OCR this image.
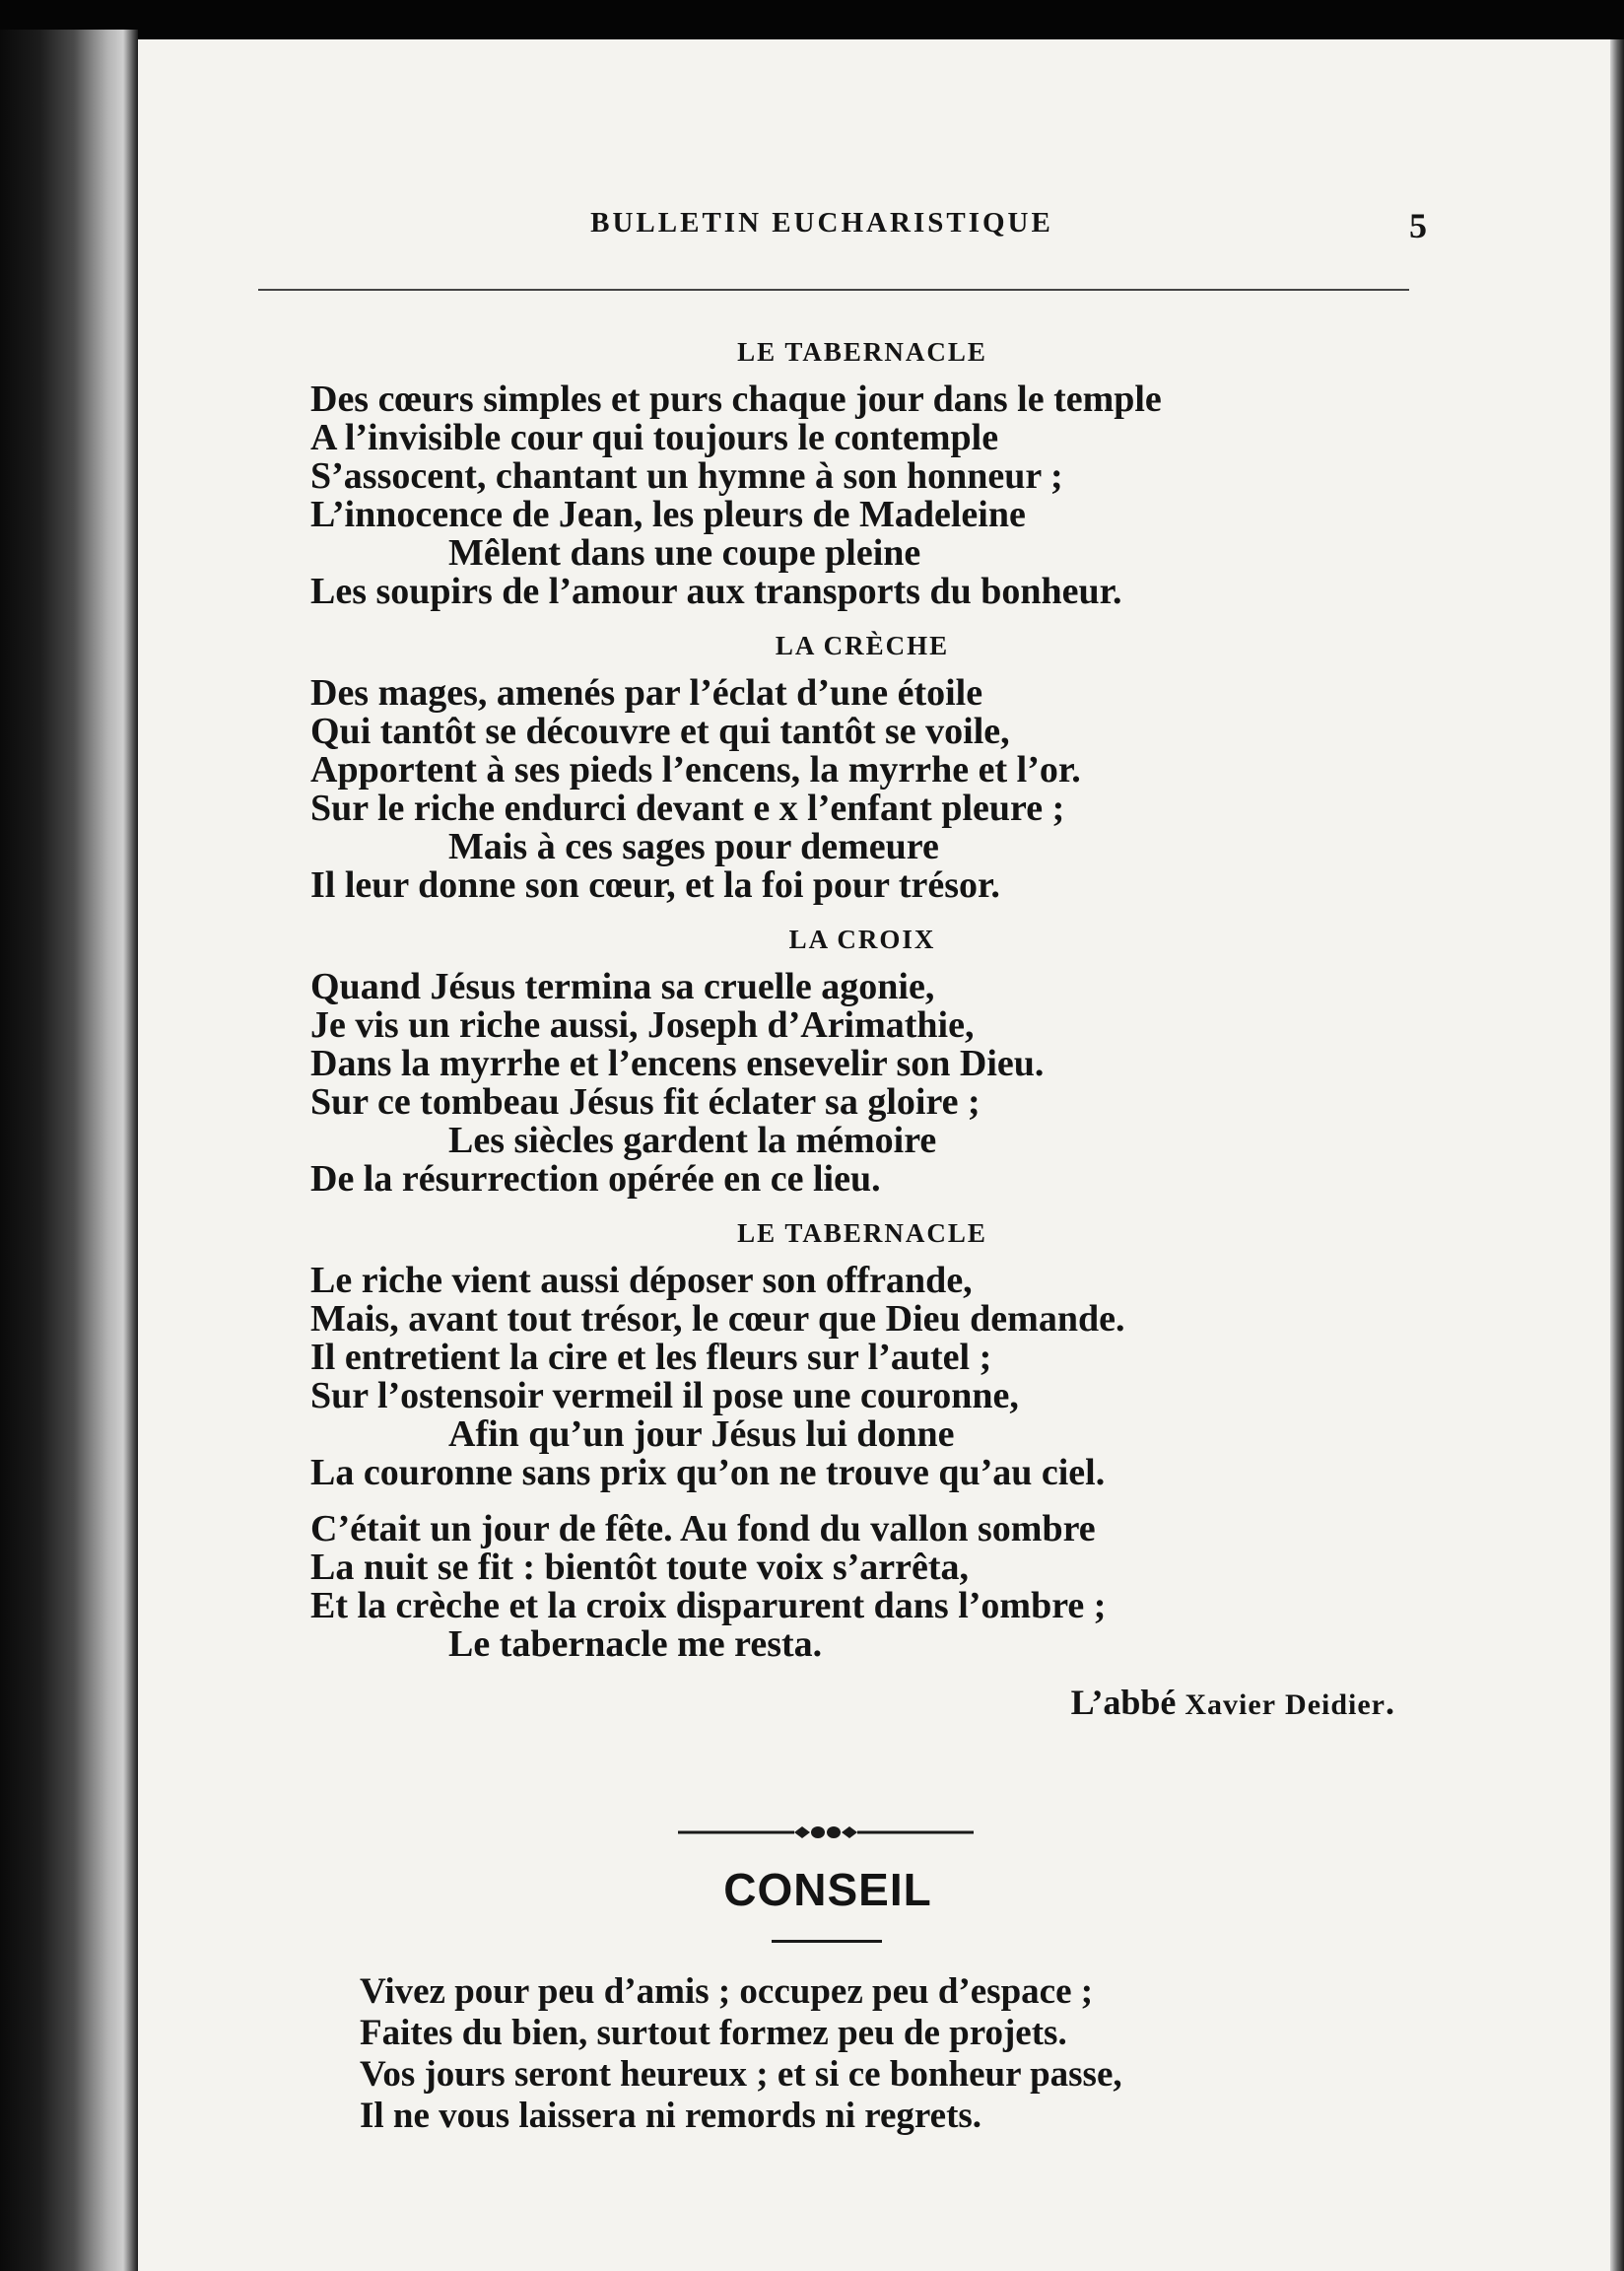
BULLETIN EUCHARISTIQUE	5
LE TABERNACLE
Des cœurs simples et purs chaque jour dans le temple
A l’invisible cour qui toujours le contemple
S’assocent, chantant un hymne à son honneur ;
L’innocence de Jean, les pleurs de Madeleine
Mêlent dans une coupe pleine
Les soupirs de l’amour aux transports du bonheur.
LA CRÈCHE
Des mages, amenés par l’éclat d’une étoile
Qui tantôt se découvre et qui tantôt se voile,
Apportent à ses pieds l’encens, la myrrhe et l’or.
Sur le riche endurci devant e x l’enfant pleure ;
Mais à ces sages pour demeure
Il leur donne son cœur, et la foi pour trésor.
LA CROIX
Quand Jésus termina sa cruelle agonie,
Je vis un riche aussi, Joseph d’Arimathie,
Dans la myrrhe et l’encens ensevelir son Dieu.
Sur ce tombeau Jésus fit éclater sa gloire ;
Les siècles gardent la mémoire
De la résurrection opérée en ce lieu.
LE TABERNACLE
Le riche vient aussi déposer son offrande,
Mais, avant tout trésor, le cœur que Dieu demande.
Il entretient la cire et les fleurs sur l’autel ;
Sur l’ostensoir vermeil il pose une couronne,
Afin qu’un jour Jésus lui donne
La couronne sans prix qu’on ne trouve qu’au ciel.
C’était un jour de fête. Au fond du vallon sombre
La nuit se fit : bientôt toute voix s’arrêta,
Et la crèche et la croix disparurent dans l’ombre ;
Le tabernacle me resta.
L’abbé Xavier Deidier.
CONSEIL
Vivez pour peu d’amis ; occupez peu d’espace ;
Faites du bien, surtout formez peu de projets.
Vos jours seront heureux ; et si ce bonheur passe,
Il ne vous laissera ni remords ni regrets.
